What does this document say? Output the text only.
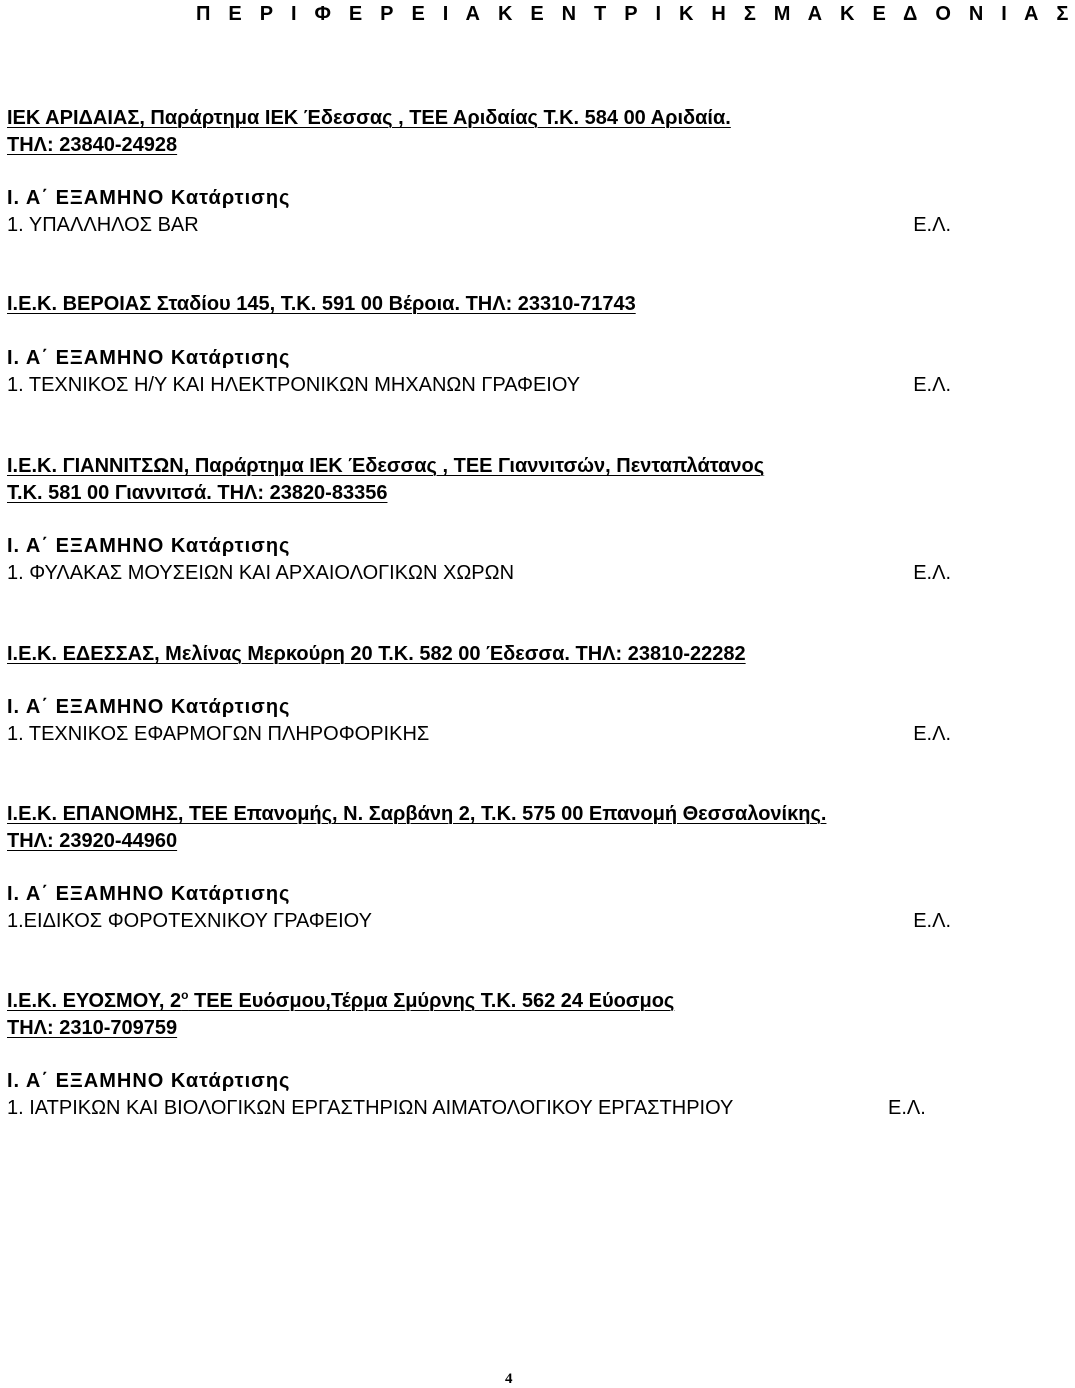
Π Ε Ρ Ι Φ Ε Ρ Ε Ι Α Κ Ε Ν Τ Ρ Ι Κ Η Σ Μ Α Κ Ε Δ Ο Ν Ι Α Σ
ΙΕΚ ΑΡΙΔΑΙΑΣ, Παράρτημα ΙΕΚ Έδεσσας , ΤΕΕ Αριδαίας Τ.Κ. 584 00 Αριδαία.
ΤΗΛ: 23840-24928
Ι. Α΄ ΕΞΑΜΗΝΟ Κατάρτισης
1. ΥΠΑΛΛΗΛΟΣ BAR	Ε.Λ.
Ι.Ε.Κ. ΒΕΡΟΙΑΣ Σταδίου 145, Τ.Κ. 591 00 Βέροια. ΤΗΛ: 23310-71743
Ι. Α΄ ΕΞΑΜΗΝΟ Κατάρτισης
1. ΤΕΧΝΙΚΟΣ Η/Υ ΚΑΙ ΗΛΕΚΤΡΟΝΙΚΩΝ ΜΗΧΑΝΩΝ ΓΡΑΦΕΙΟΥ	Ε.Λ.
Ι.Ε.Κ. ΓΙΑΝΝΙΤΣΩΝ, Παράρτημα ΙΕΚ Έδεσσας , ΤΕΕ Γιαννιτσών, Πενταπλάτανος
Τ.Κ. 581 00 Γιαννιτσά. ΤΗΛ: 23820-83356
Ι. Α΄ ΕΞΑΜΗΝΟ Κατάρτισης
1. ΦΥΛΑΚΑΣ ΜΟΥΣΕΙΩΝ ΚΑΙ ΑΡΧΑΙΟΛΟΓΙΚΩΝ ΧΩΡΩΝ	Ε.Λ.
Ι.Ε.Κ. ΕΔΕΣΣΑΣ, Μελίνας Μερκούρη 20 Τ.Κ. 582 00 Έδεσσα. ΤΗΛ: 23810-22282
Ι. Α΄ ΕΞΑΜΗΝΟ Κατάρτισης
1. ΤΕΧΝΙΚΟΣ ΕΦΑΡΜΟΓΩΝ ΠΛΗΡΟΦΟΡΙΚΗΣ	Ε.Λ.
Ι.Ε.Κ. ΕΠΑΝΟΜΗΣ, ΤΕΕ Επανομής, Ν. Σαρβάνη 2, Τ.Κ. 575 00 Επανομή Θεσσαλονίκης.
ΤΗΛ: 23920-44960
Ι. Α΄ ΕΞΑΜΗΝΟ Κατάρτισης
1.ΕΙΔΙΚΟΣ ΦΟΡΟΤΕΧΝΙΚΟΥ ΓΡΑΦΕΙΟΥ	Ε.Λ.
Ι.Ε.Κ. ΕΥΟΣΜΟΥ, $2^o$ ΤΕΕ Ευόσμου,Τέρμα Σμύρνης Τ.Κ. 562 24 Εύοσμος
ΤΗΛ: 2310-709759
Ι. Α΄ ΕΞΑΜΗΝΟ Κατάρτισης
1. ΙΑΤΡΙΚΩΝ ΚΑΙ ΒΙΟΛΟΓΙΚΩΝ ΕΡΓΑΣΤΗΡΙΩΝ ΑΙΜΑΤΟΛΟΓΙΚΟΥ ΕΡΓΑΣΤΗΡΙΟΥ	Ε.Λ.
4
